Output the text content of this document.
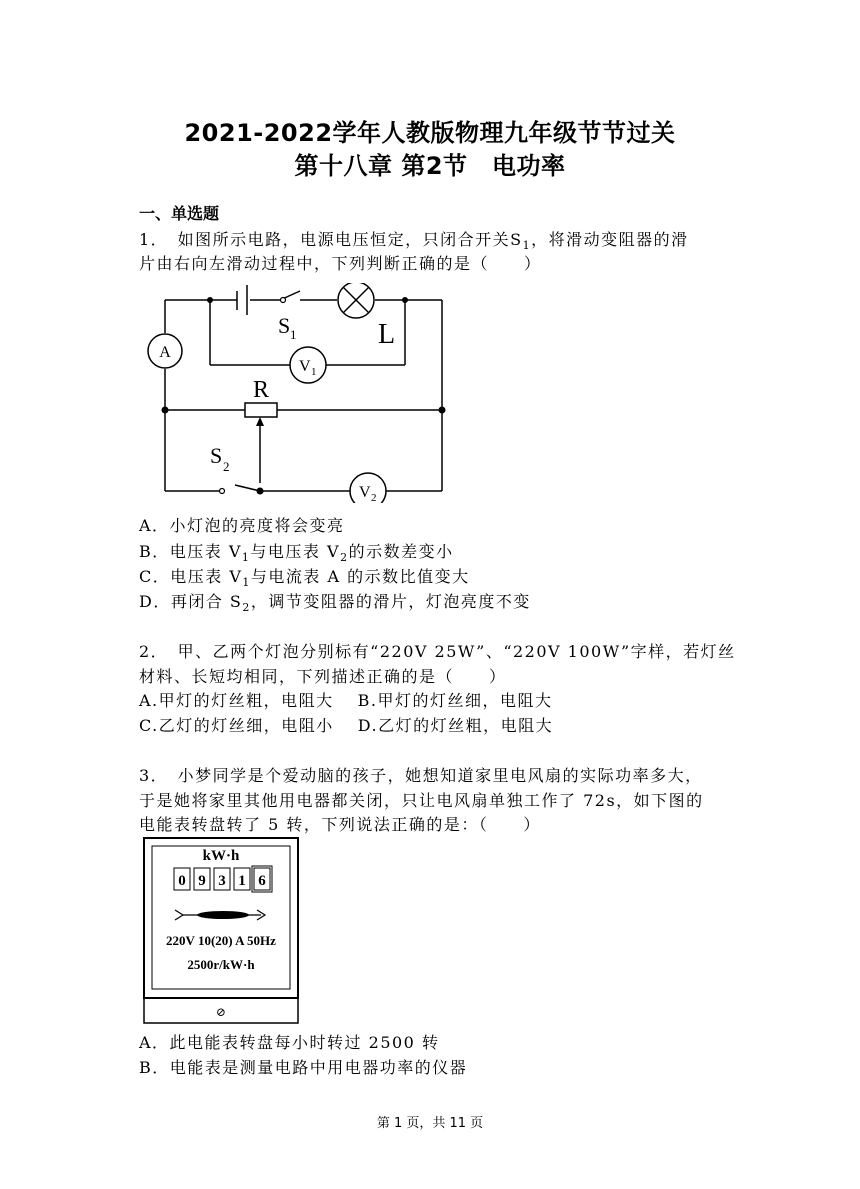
2021-2022学年人教版物理九年级节节过关
第十八章 第2节　电功率
一、单选题
1．　如图所示电路，电源电压恒定，只闭合开关$S_1$，将滑动变阻器的滑
片由右向左滑动过程中，下列判断正确的是（　　）
A
S 1	L
V 1
R
S 2
V 2
A．小灯泡的亮度将会变亮
B．电压表 $V_1$与电压表 $V_2$的示数差变小
C．电压表 $V_1$与电流表 A 的示数比值变大
D．再闭合 $S_2$，调节变阻器的滑片，灯泡亮度不变
2．　甲、乙两个灯泡分别标有“220V 25W”、“220V 100W”字样，若灯丝
材料、长短均相同，下列描述正确的是（　　）
A.甲灯的灯丝粗，电阻大 B.甲灯的灯丝细，电阻大
C.乙灯的灯丝细，电阻小 D.乙灯的灯丝粗，电阻大
3．　小梦同学是个爱动脑的孩子，她想知道家里电风扇的实际功率多大，
于是她将家里其他用电器都关闭，只让电风扇单独工作了 72s，如下图的
电能表转盘转了 5 转，下列说法正确的是：（　　）
kW·h
0 9 3 1 6
220V 10(20) A 50Hz
2500r/kW·h
⊘
A．此电能表转盘每小时转过 2500 转
B．电能表是测量电路中用电器功率的仪器
第 1 页，共 11 页
